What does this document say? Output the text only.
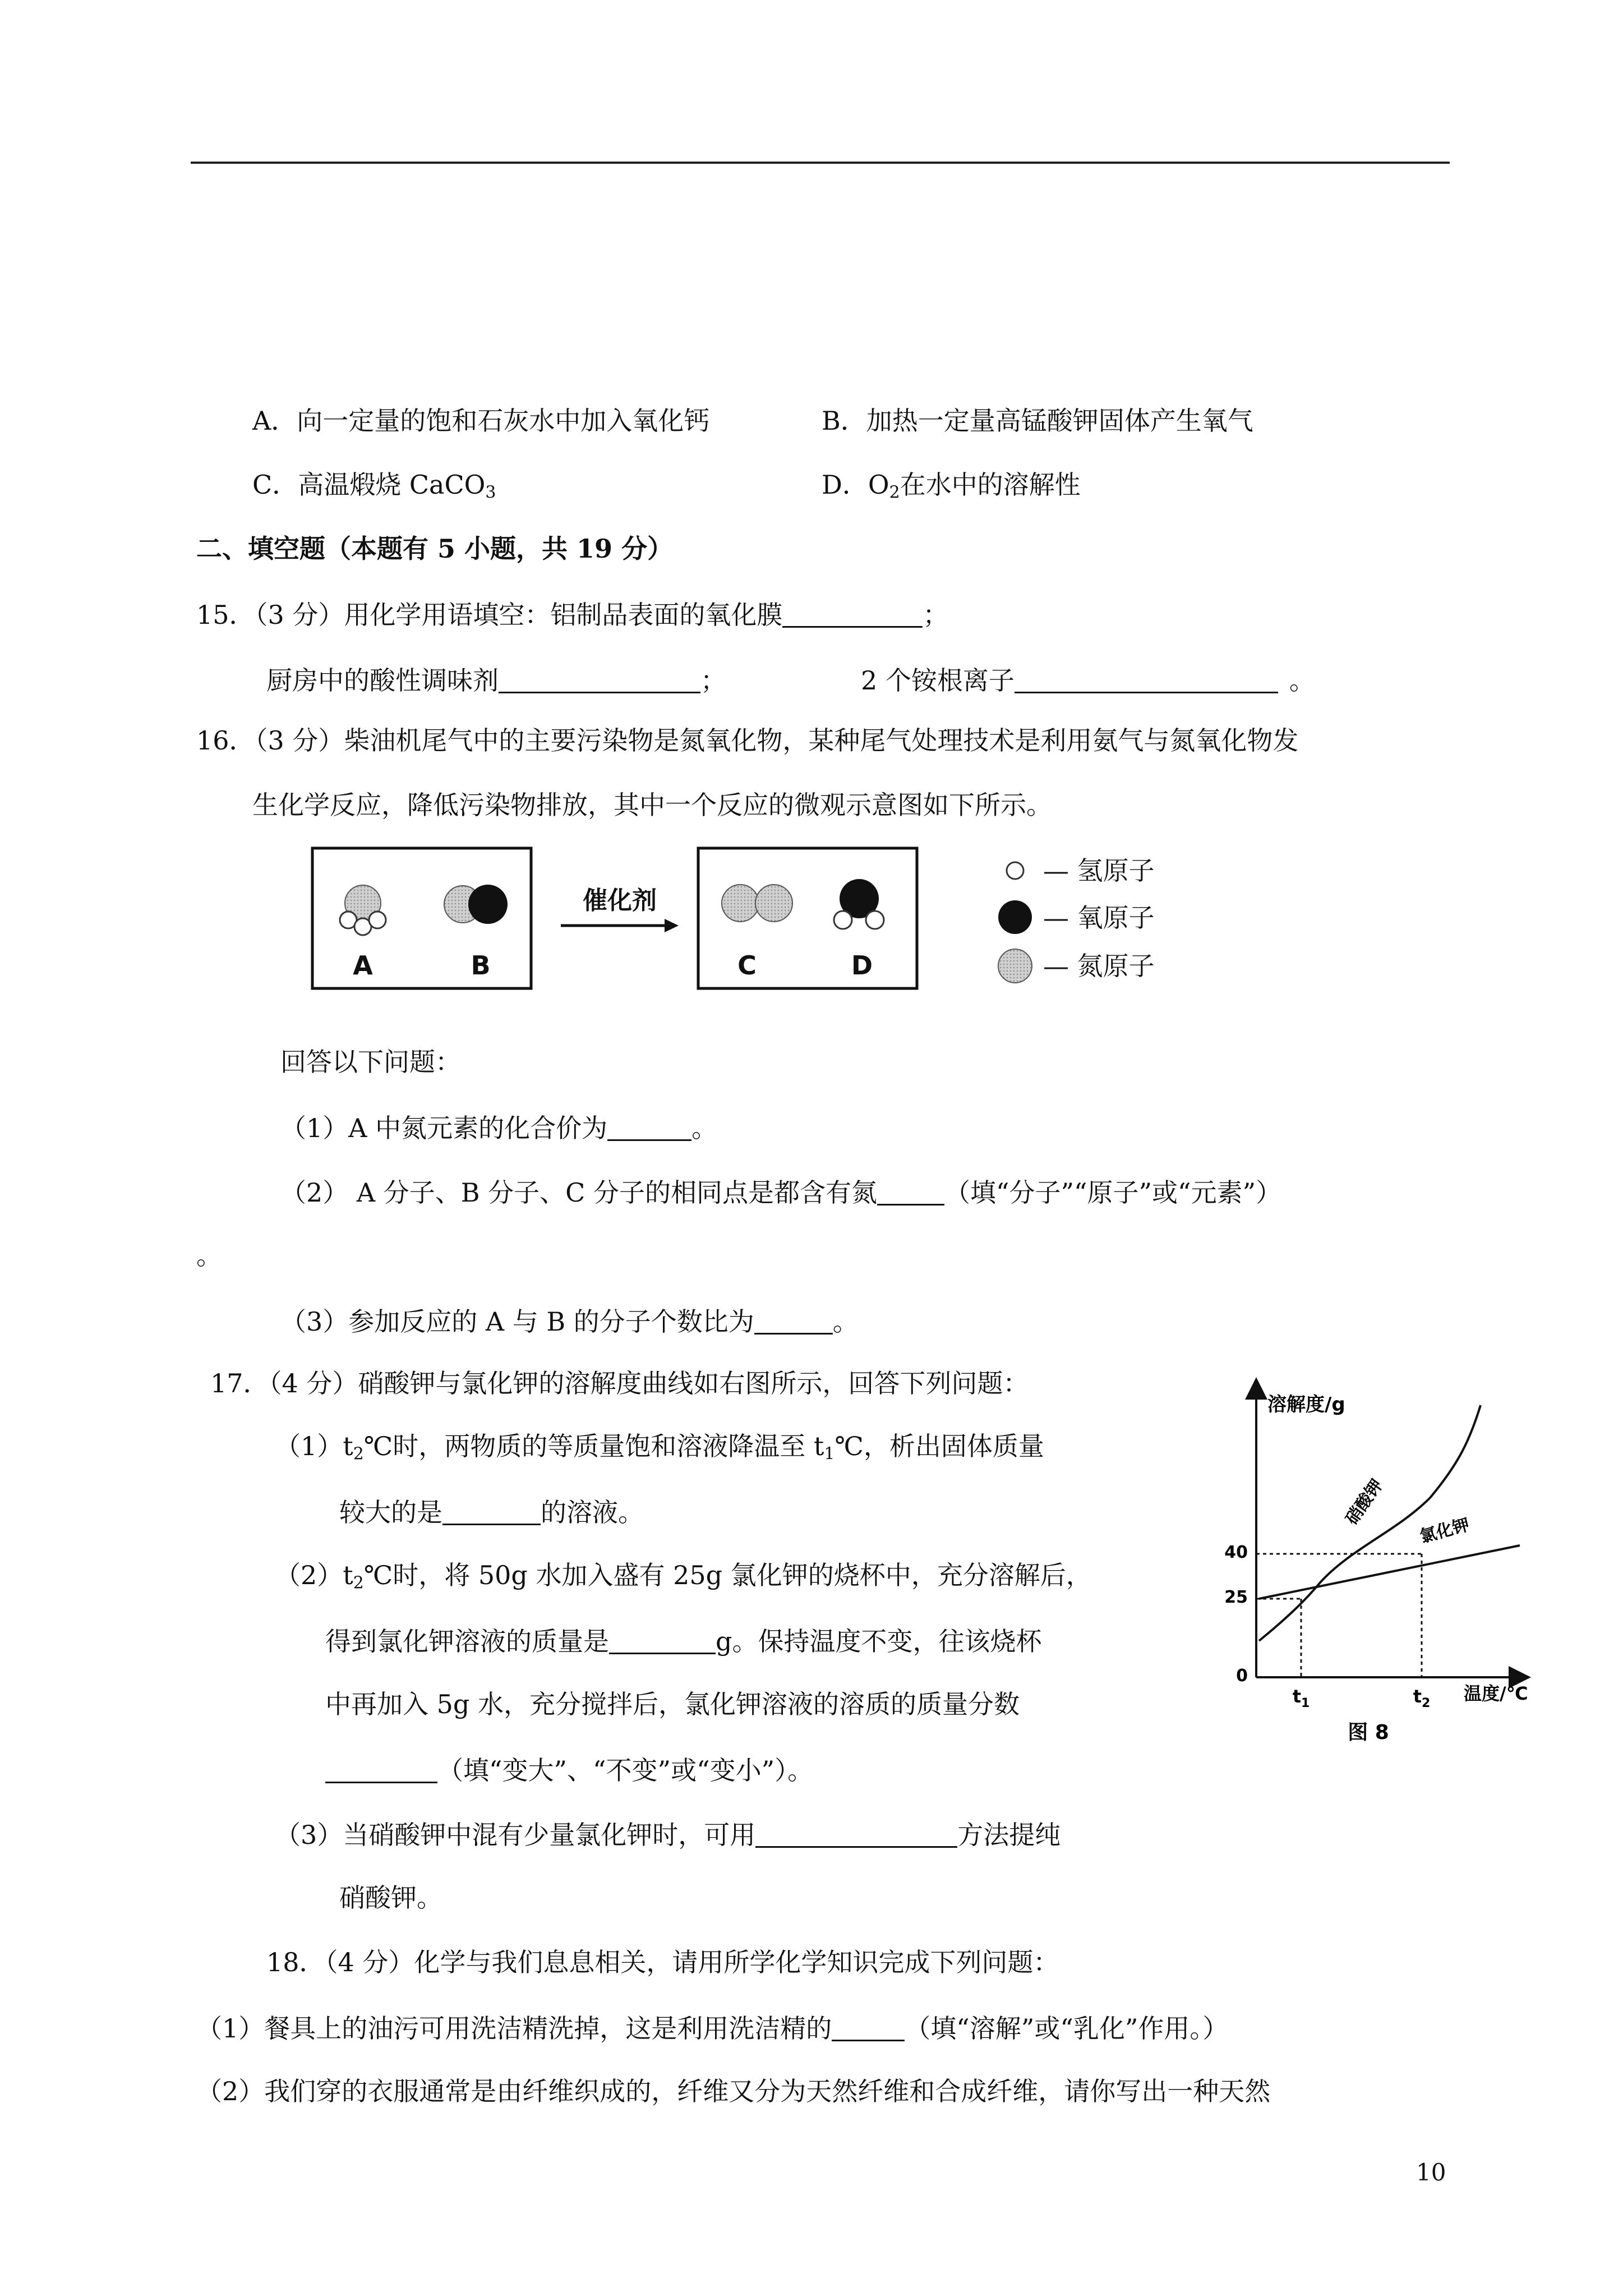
A．向一定量的饱和石灰水中加入氧化钙	B．加热一定量高锰酸钾固体产生氧气
C．高温煅烧 CaCO$_3$	D．$O_2$在水中的溶解性
二、填空题（本题有 5 小题，共 19 分）
15．（3 分）用化学用语填空：铝制品表面的氧化膜	；
厨房中的酸性调味剂	；	2 个铵根离子	。
16．（3 分）柴油机尾气中的主要污染物是氮氧化物，某种尾气处理技术是利用氨气与氮氧化物发
生化学反应，降低污染物排放，其中一个反应的微观示意图如下所示。
催化剂
A	B	C	D
— 氢原子
— 氧原子
— 氮原子
回答以下问题：
（1）A 中氮元素的化合价为	。
（2） A 分子、B 分子、C 分子的相同点是都含有氮	（填“分子”“原子”或“元素”）
。
（3）参加反应的 A 与 B 的分子个数比为	。
17．（4 分）硝酸钾与氯化钾的溶解度曲线如右图所示，回答下列问题：
$(1)t_2℃$时，两物质的等质量饱和溶液降温至 $t_1℃$，析出固体质量
较大的是	的溶液。
$(2)t_2℃$时，将 50g 水加入盛有 25g 氯化钾的烧杯中，充分溶解后，
得到氯化钾溶液的质量是	g。保持温度不变，往该烧杯
中再加入 5g 水，充分搅拌后，氯化钾溶液的溶质的质量分数
（填“变大”、“不变”或“变小”）。
（3）当硝酸钾中混有少量氯化钾时，可用	方法提纯
硝酸钾。
溶解度/g
温度/℃
40
25
0
$t_1$	$t_2$
硝酸钾
氯化钾
图 8
18．（4 分）化学与我们息息相关，请用所学化学知识完成下列问题：
（1）餐具上的油污可用洗洁精洗掉，这是利用洗洁精的	（填“溶解”或“乳化”作用。）
（2）我们穿的衣服通常是由纤维织成的，纤维又分为天然纤维和合成纤维，请你写出一种天然
10
